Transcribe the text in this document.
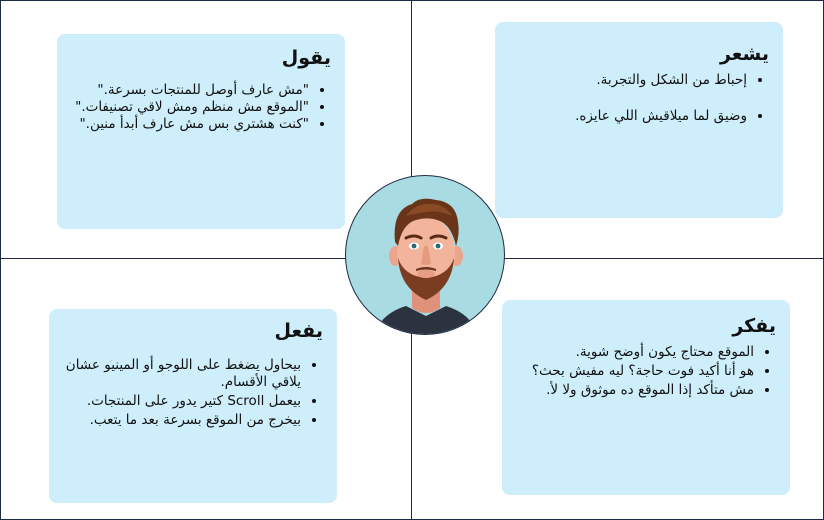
يقول
• "مش عارف أوصل للمنتجات بسرعة."
• "الموقع مش منظم ومش لاقي تصنيفات."
• "كنت هشتري بس مش عارف أبدأ منين."
يشعر
• إحباط من الشكل والتجربة.
• وضيق لما ميلاقيش اللي عايزه.
يفعل
• بيحاول يضغط على اللوجو أو المينيو عشان يلاقي الأقسام.
• بيعمل Scroll كتير يدور على المنتجات.
• بيخرج من الموقع بسرعة بعد ما يتعب.
يفكر
• الموقع محتاج يكون أوضح شوية.
• هو أنا أكيد فوت حاجة؟ ليه مفيش بحث؟
• مش متأكد إذا الموقع ده موثوق ولا لأ.
